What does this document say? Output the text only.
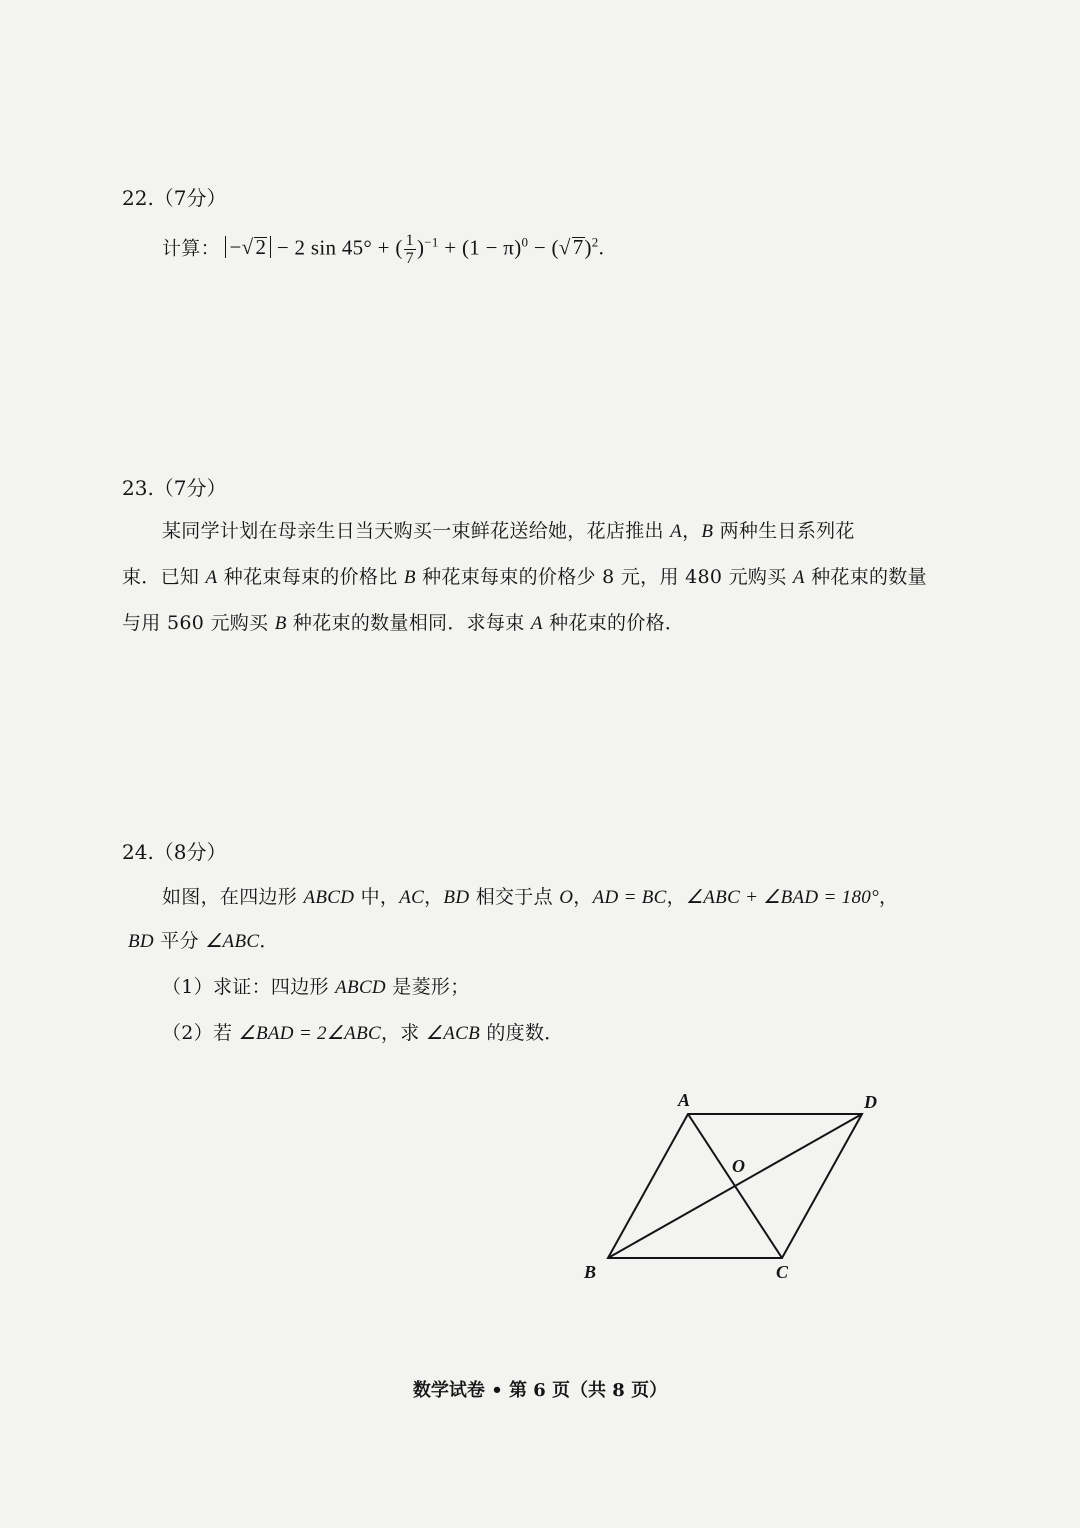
22.（7分）
计算： −√2 − 2 sin 45° + ( $\frac{1}{7} )^{-1} + (1 - \pi)^0 - (√7)^2$.
23.（7分）
某同学计划在母亲生日当天购买一束鲜花送给她，花店推出 A，B 两种生日系列花
束．已知 A 种花束每束的价格比 B 种花束每束的价格少 8 元，用 480 元购买 A 种花束的数量
与用 560 元购买 B 种花束的数量相同．求每束 A 种花束的价格．
24.（8分）
如图，在四边形 ABCD 中，AC，BD 相交于点 O，AD = BC，∠ABC + ∠BAD = 180°，
BD 平分 ∠ABC．
（1）求证：四边形 ABCD 是菱形；
（2）若 ∠BAD = 2∠ABC，求 ∠ACB 的度数．
A	D
O
B	C
数学试卷 • 第 6 页（共 8 页）
